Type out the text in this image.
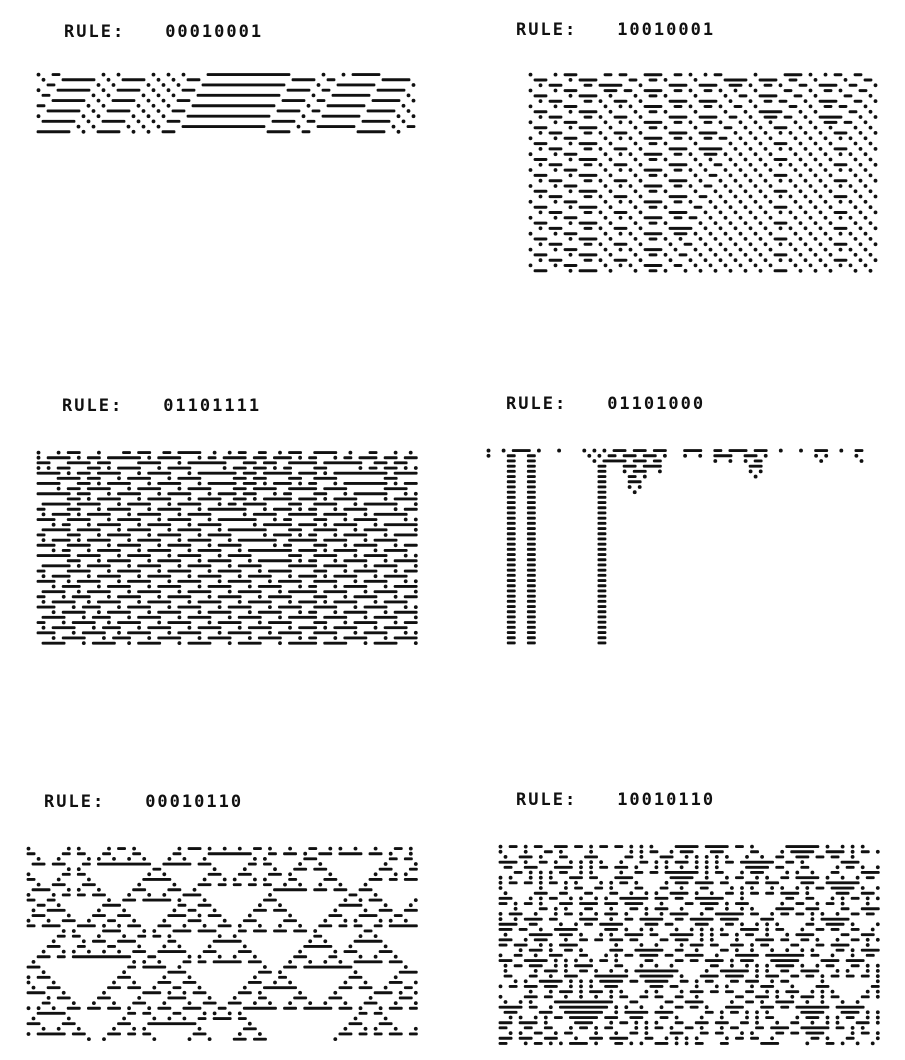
RULE: 00010001	RULE: 10010001
RULE: 01101111	RULE: 01101000
RULE: 00010110	RULE: 10010110
